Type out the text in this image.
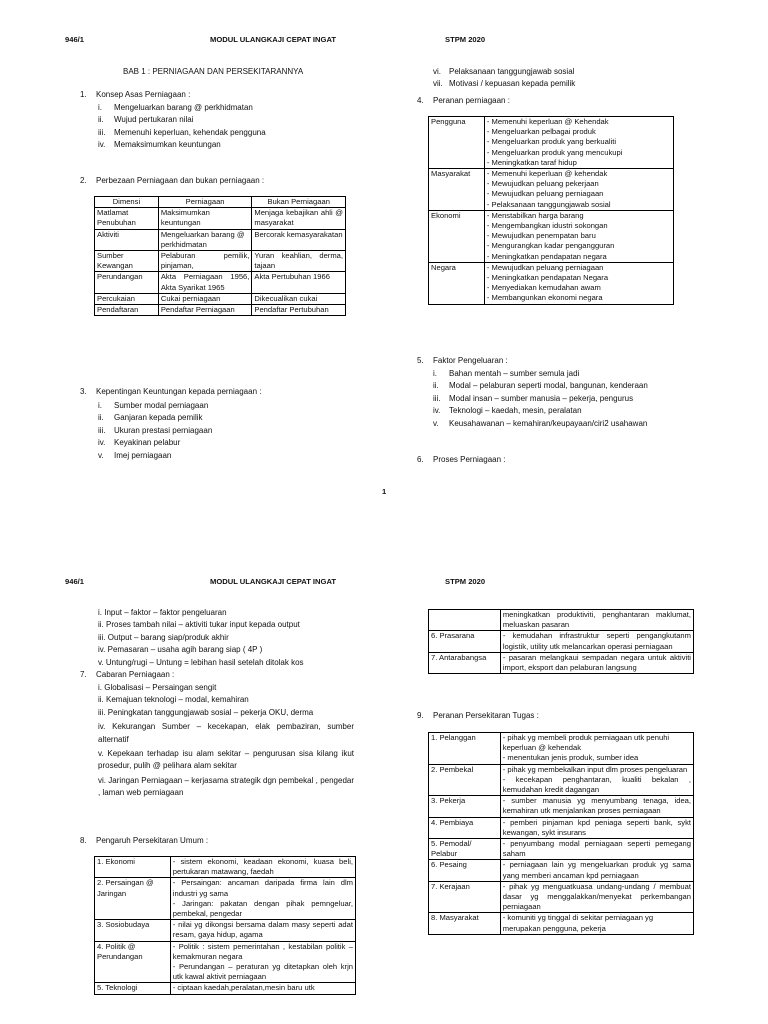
946/1	MODUL ULANGKAJI CEPAT INGAT	STPM 2020
BAB 1 : PERNIAGAAN DAN PERSEKITARANNYA
1. Konsep Asas Perniagaan :
i. Mengeluarkan barang @ perkhidmatan
ii. Wujud pertukaran nilai
iii. Memenuhi keperluan, kehendak pengguna
iv. Memaksimumkan keuntungan
2. Perbezaan Perniagaan dan bukan perniagaan :
Dimensi	Perniagaan	Bukan Perniagaan
Matlamat Penubuhan	Maksimumkan keuntungan	Menjaga kebajikan ahli @ masyarakat
Aktiviti	Mengeluarkan barang @ perkhidmatan	Bercorak kemasyarakatan
Sumber Kewangan	Pelaburan pemilik, pinjaman,	Yuran keahlian, derma, tajaan
Perundangan	Akta Perniagaan 1956, Akta Syarikat 1965	Akta Pertubuhan 1966
Percukaian	Cukai perniagaan	Dikecualikan cukai
Pendaftaran	Pendaftar Perniagaan	Pendaftar Pertubuhan
3. Kepentingan Keuntungan kepada perniagaan :
i. Sumber modal perniagaan
ii. Ganjaran kepada pemilik
iii. Ukuran prestasi perniagaan
iv. Keyakinan pelabur
v. Imej perniagaan
vi. Pelaksanaan tanggungjawab sosial
vii. Motivasi / kepuasan kepada pemilik
4. Peranan perniagaan :
Pengguna	- Memenuhi keperluan @ Kehendak
- Mengeluarkan pelbagai produk
- Mengeluarkan produk yang berkualiti
- Mengeluarkan produk yang mencukupi
- Meningkatkan taraf hidup

Masyarakat	- Memenuhi keperluan @ kehendak
- Mewujudkan peluang pekerjaan
- Mewujudkan peluang perniagaan
- Pelaksanaan tanggungjawab sosial

Ekonomi	- Menstabilkan harga barang
- Mengembangkan idustri sokongan
- Mewujudkan penempatan baru
- Mengurangkan kadar pengangguran
- Meningkatkan pendapatan negara

Negara	- Mewujudkan peluang perniagaan
- Meningkatkan pendapatan Negara
- Menyediakan kemudahan awam
- Membangunkan ekonomi negara
5. Faktor Pengeluaran :
i. Bahan mentah – sumber semula jadi
ii. Modal – pelaburan seperti modal, bangunan, kenderaan
iii. Modal insan – sumber manusia – pekerja, pengurus
iv. Teknologi – kaedah, mesin, peralatan
v. Keusahawanan – kemahiran/keupayaan/ciri2 usahawan
6. Proses Perniagaan :
1
946/1	MODUL ULANGKAJI CEPAT INGAT	STPM 2020
i. Input – faktor – faktor pengeluaran
ii. Proses tambah nilai – aktiviti tukar input kepada output
iii. Output – barang siap/produk akhir
iv. Pemasaran – usaha agih barang siap ( 4P )
v. Untung/rugi – Untung = lebihan hasil setelah ditolak kos
7. Cabaran Perniagaan :
i. Globalisasi – Persaingan sengit
ii. Kemajuan teknologi – modal, kemahiran
iii. Peningkatan tanggungjawab sosial – pekerja OKU, derma
iv. Kekurangan Sumber – kecekapan, elak pembaziran, sumber alternatif
v. Kepekaan terhadap isu alam sekitar – pengurusan sisa kilang ikut prosedur, pulih @ pelihara alam sekitar
vi. Jaringan Perniagaan – kerjasama strategik dgn pembekal , pengedar , laman web perniagaan
8. Pengaruh Persekitaran Umum :
1. Ekonomi	- sistem ekonomi, keadaan ekonomi, kuasa beli, pertukaran matawang, faedah
2. Persaingan @ Jaringan	- Persaingan: ancaman daripada firma lain dlm industri yg sama
- Jaringan: pakatan dengan pihak pemngeluar, pembekal, pengedar
3. Sosiobudaya	- nilai yg dikongsi bersama dalam masy seperti adat resam, gaya hidup, agama
4. Politik @ Perundangan	- Politik : sistem pemerintahan , kestabilan politik – kemakmuran negara
- Perundangan – peraturan yg ditetapkan oleh krjn utk kawal aktivit perniagaan
5. Teknologi	- ciptaan kaedah,peralatan,mesin baru utk
	meningkatkan produktiviti, penghantaran maklumat, meluaskan pasaran
6. Prasarana	- kemudahan infrastruktur seperti pengangkutanm logistik, utility utk melancarkan operasi perniagaan
7. Antarabangsa	- pasaran melangkaui sempadan negara untuk aktiviti import, eksport dan pelaburan langsung
9. Peranan Persekitaran Tugas :
1. Pelanggan	- pihak yg membeli produk perniagaan utk penuhi keperluan @ kehendak
- menentukan jenis produk, sumber idea
2. Pembekal	- pihak yg membekalkan input dlm proses pengeluaran
- kecekapan penghantaran, kualiti bekalan , kemudahan kredit dagangan
3. Pekerja	- sumber manusia yg menyumbang tenaga, idea, kemahiran utk menjalankan proses perniagaan
4. Pembiaya	- pemberi pinjaman kpd peniaga seperti bank, sykt kewangan, sykt insurans
5. Pemodal/ Pelabur	- penyumbang modal perniagaan seperti pemegang saham
6. Pesaing	- perniagaan lain yg mengeluarkan produk yg sama yang memberi ancaman kpd perniagaan
7. Kerajaan	- pihak yg menguatkuasa undang-undang / membuat dasar yg menggalakkan/menyekat perkembangan perniagaan
8. Masyarakat	- komuniti yg tinggal di sekitar perniagaan yg merupakan pengguna, pekerja
